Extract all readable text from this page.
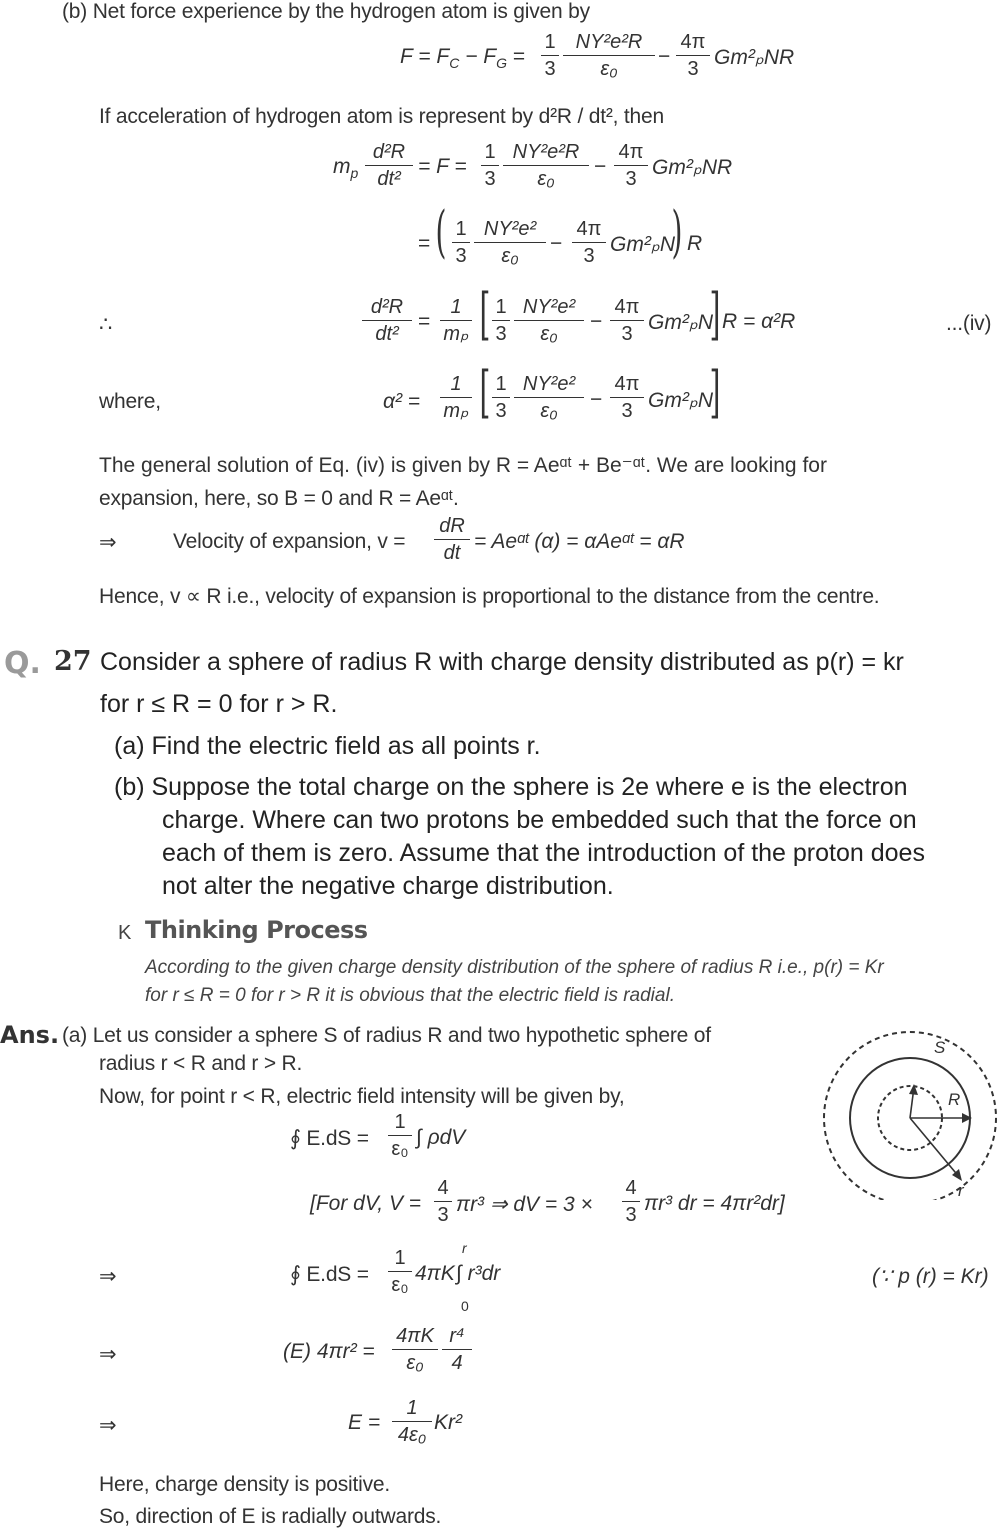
(b) Net force experience by the hydrogen atom is given by
$F = F_C - F_G$ =
1
3
NY²e²R
ε₀
−
4π
3 Gm²ₚNR
If acceleration of hydrogen atom is represent by d²R / dt², then
$m_p$
d²R
dt²
= F =
1
3
NY²e²R
ε₀
−
4π
3 Gm²ₚNR
= ( 1
3
NY²e²
ε₀
−
4π
3 Gm²ₚN
) R
∴
d²R
dt²
=
1
mₚ [ 1
3
NY²e²
ε₀
−
4π
3 Gm²ₚN
] R = α²R	...(iv)
where,	α² =
1
mₚ [ 1
3
NY²e²
ε₀	−
4π
3 Gm²ₚN
]
The general solution of Eq. (iv) is given by R = Aeᵅᵗ + Be⁻ᵅᵗ. We are looking for
expansion, here, so B = 0 and R = Aeᵅᵗ.
⇒	Velocity of expansion, v =
dR
dt = Aeᵅᵗ (α) = αAeᵅᵗ = αR
Hence, v ∝ R i.e., velocity of expansion is proportional to the distance from the centre.
Q. 27 Consider a sphere of radius R with charge density distributed as p(r) = kr
for r ≤ R = 0 for r > R.
(a) Find the electric field as all points r.
(b) Suppose the total charge on the sphere is 2e where e is the electron
charge. Where can two protons be embedded such that the force on
each of them is zero. Assume that the introduction of the proton does
not alter the negative charge distribution.
K Thinking Process
According to the given charge density distribution of the sphere of radius R i.e., p(r) = Kr
for r ≤ R = 0 for r > R it is obvious that the electric field is radial.
Ans. (a) Let us consider a sphere S of radius R and two hypothetic sphere of
radius r < R and r > R.
Now, for point r < R, electric field intensity will be given by,
∮ E.dS =
1
ε₀ ∫ ρdV
[For dV, V =
4
3 πr³ ⇒ dV = 3 ×
4
3 πr³ dr = 4πr²dr]
⇒	∮ E.dS =
1
ε₀ 4πK
r
0
∫ r³dr	(∵ p (r) = Kr)
⇒	(E) 4πr² =
4πK
ε₀
r⁴
4
⇒	E =
1
4ε₀
Kr²
Here, charge density is positive.
So, direction of E is radially outwards.
S
R
r
